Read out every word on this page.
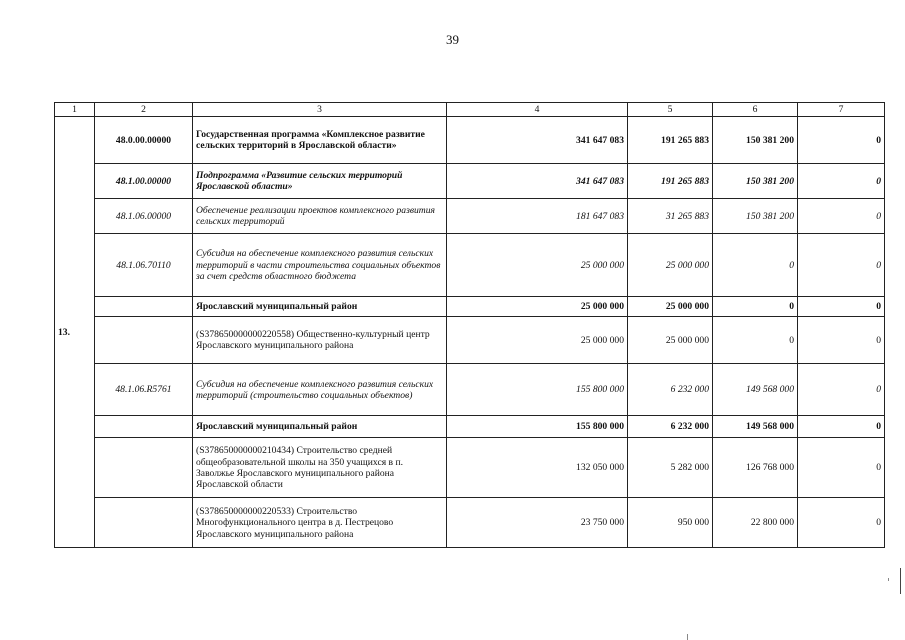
39
1	2	3	4	5	6	7
13.	48.0.00.00000	Государственная программа «Комплексное развитие сельских территорий в Ярославской области»	341 647 083	191 265 883	150 381 200	0
	48.1.00.00000	Подпрограмма «Развитие сельских территорий Ярославской области»	341 647 083	191 265 883	150 381 200	0
	48.1.06.00000	Обеспечение реализации проектов комплексного развития сельских территорий	181 647 083	31 265 883	150 381 200	0
	48.1.06.70110	Субсидия на обеспечение комплексного развития сельских территорий в части строительства социальных объектов за счет средств областного бюджета	25 000 000	25 000 000	0	0
		Ярославский муниципальный район	25 000 000	25 000 000	0	0
		(S378650000000220558) Общественно-культурный центр Ярославского муниципального района	25 000 000	25 000 000	0	0
	48.1.06.R5761	Субсидия на обеспечение комплексного развития сельских территорий (строительство социальных объектов)	155 800 000	6 232 000	149 568 000	0
		Ярославский муниципальный район	155 800 000	6 232 000	149 568 000	0
		(S378650000000210434) Строительство средней общеобразовательной школы на 350 учащихся в п. Заволжье Ярославского муниципального района Ярославской области	132 050 000	5 282 000	126 768 000	0
		(S378650000000220533) Строительство Многофункционального центра в д. Пестрецово Ярославского муниципального района	23 750 000	950 000	22 800 000	0
